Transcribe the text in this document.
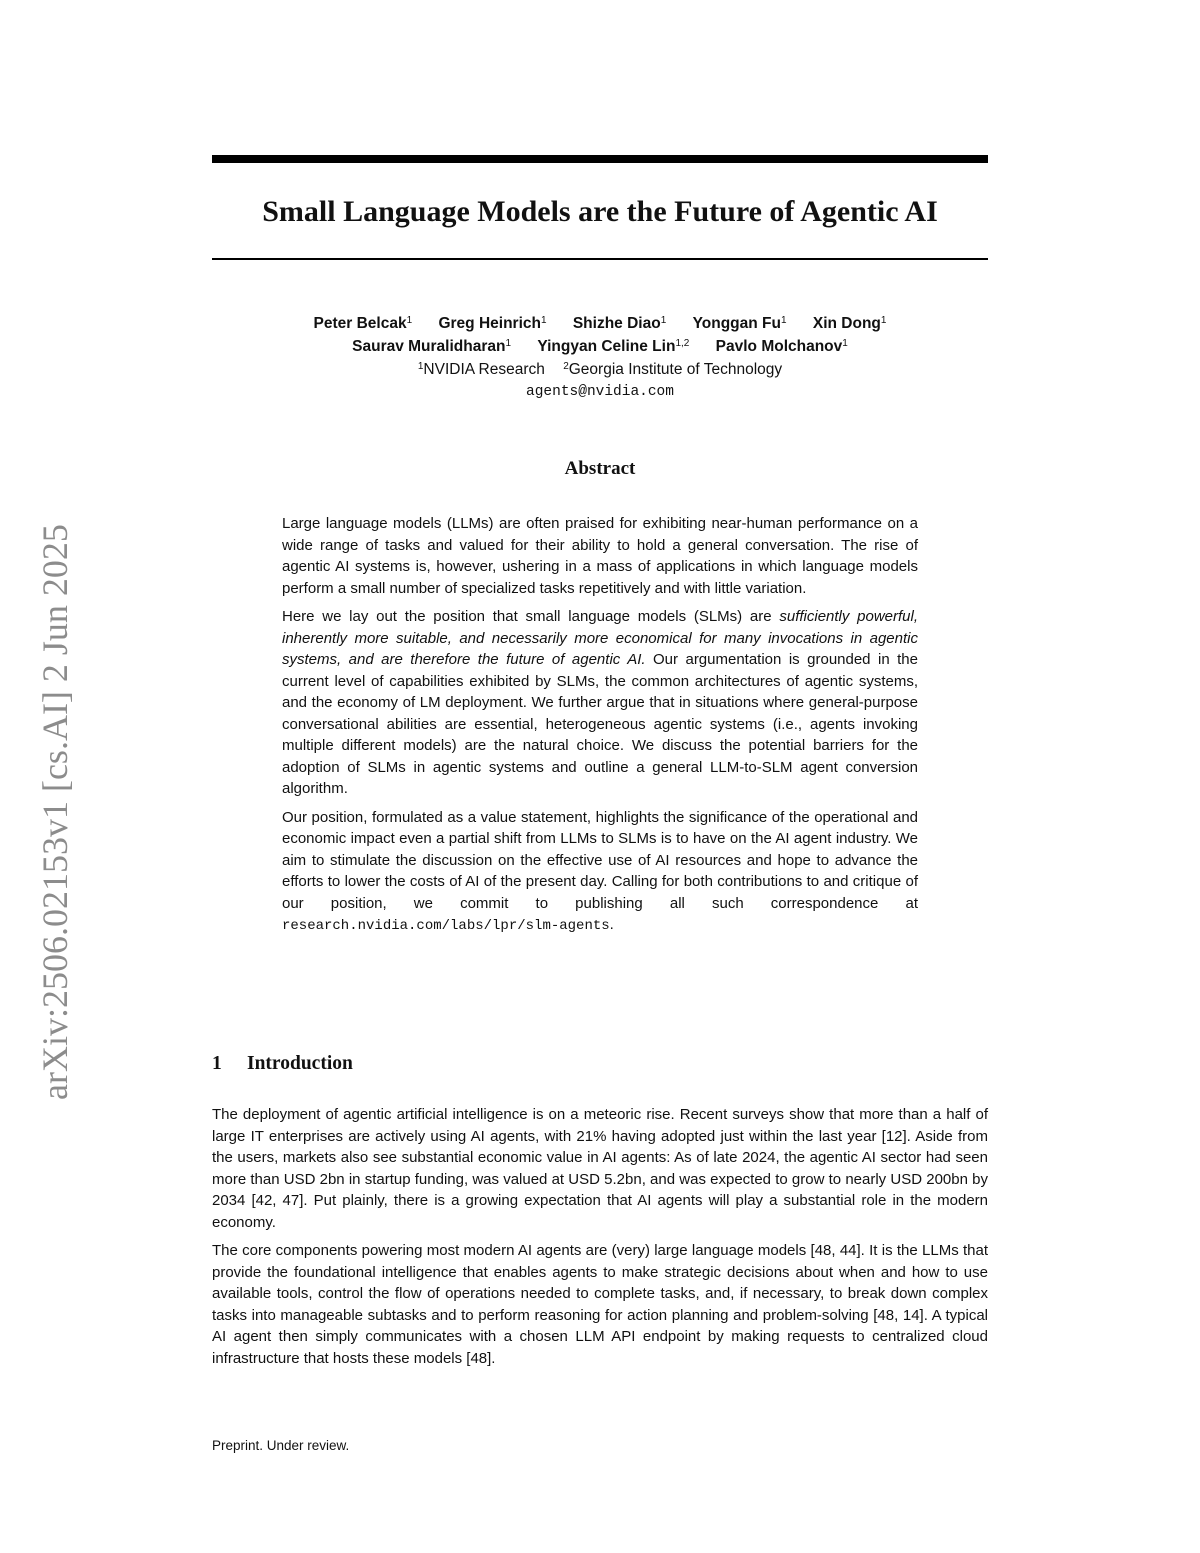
arXiv:2506.02153v1 [cs.AI] 2 Jun 2025
Small Language Models are the Future of Agentic AI
Peter Belcak$^1$ Greg Heinrich$^1$ Shizhe Diao$^1$ Yonggan Fu$^1$ Xin Dong$^1$
Saurav Muralidharan$^1$ Yingyan Celine Lin$^{1,2}$ Pavlo Molchanov$^1$
$^1$NVIDIA Research $^2$Georgia Institute of Technology
agents@nvidia.com
Abstract

Large language models (LLMs) are often praised for exhibiting near-human performance on a wide range of tasks and valued for their ability to hold a general conversation. The rise of agentic AI systems is, however, ushering in a mass of applications in which language models perform a small number of specialized tasks repetitively and with little variation.

Here we lay out the position that small language models (SLMs) are sufficiently powerful, inherently more suitable, and necessarily more economical for many invocations in agentic systems, and are therefore the future of agentic AI. Our argumentation is grounded in the current level of capabilities exhibited by SLMs, the common architectures of agentic systems, and the economy of LM deployment. We further argue that in situations where general-purpose conversational abilities are essential, heterogeneous agentic systems (i.e., agents invoking multiple different models) are the natural choice. We discuss the potential barriers for the adoption of SLMs in agentic systems and outline a general LLM-to-SLM agent conversion algorithm.

Our position, formulated as a value statement, highlights the significance of the operational and economic impact even a partial shift from LLMs to SLMs is to have on the AI agent industry. We aim to stimulate the discussion on the effective use of AI resources and hope to advance the efforts to lower the costs of AI of the present day. Calling for both contributions to and critique of our position, we commit to publishing all such correspondence at research.nvidia.com/labs/lpr/slm-agents.

1 Introduction

The deployment of agentic artificial intelligence is on a meteoric rise. Recent surveys show that more than a half of large IT enterprises are actively using AI agents, with 21% having adopted just within the last year [12]. Aside from the users, markets also see substantial economic value in AI agents: As of late 2024, the agentic AI sector had seen more than USD 2bn in startup funding, was valued at USD 5.2bn, and was expected to grow to nearly USD 200bn by 2034 [42, 47]. Put plainly, there is a growing expectation that AI agents will play a substantial role in the modern economy.

The core components powering most modern AI agents are (very) large language models [48, 44]. It is the LLMs that provide the foundational intelligence that enables agents to make strategic decisions about when and how to use available tools, control the flow of operations needed to complete tasks, and, if necessary, to break down complex tasks into manageable subtasks and to perform reasoning for action planning and problem-solving [48, 14]. A typical AI agent then simply communicates with a chosen LLM API endpoint by making requests to centralized cloud infrastructure that hosts these models [48].

Preprint. Under review.
